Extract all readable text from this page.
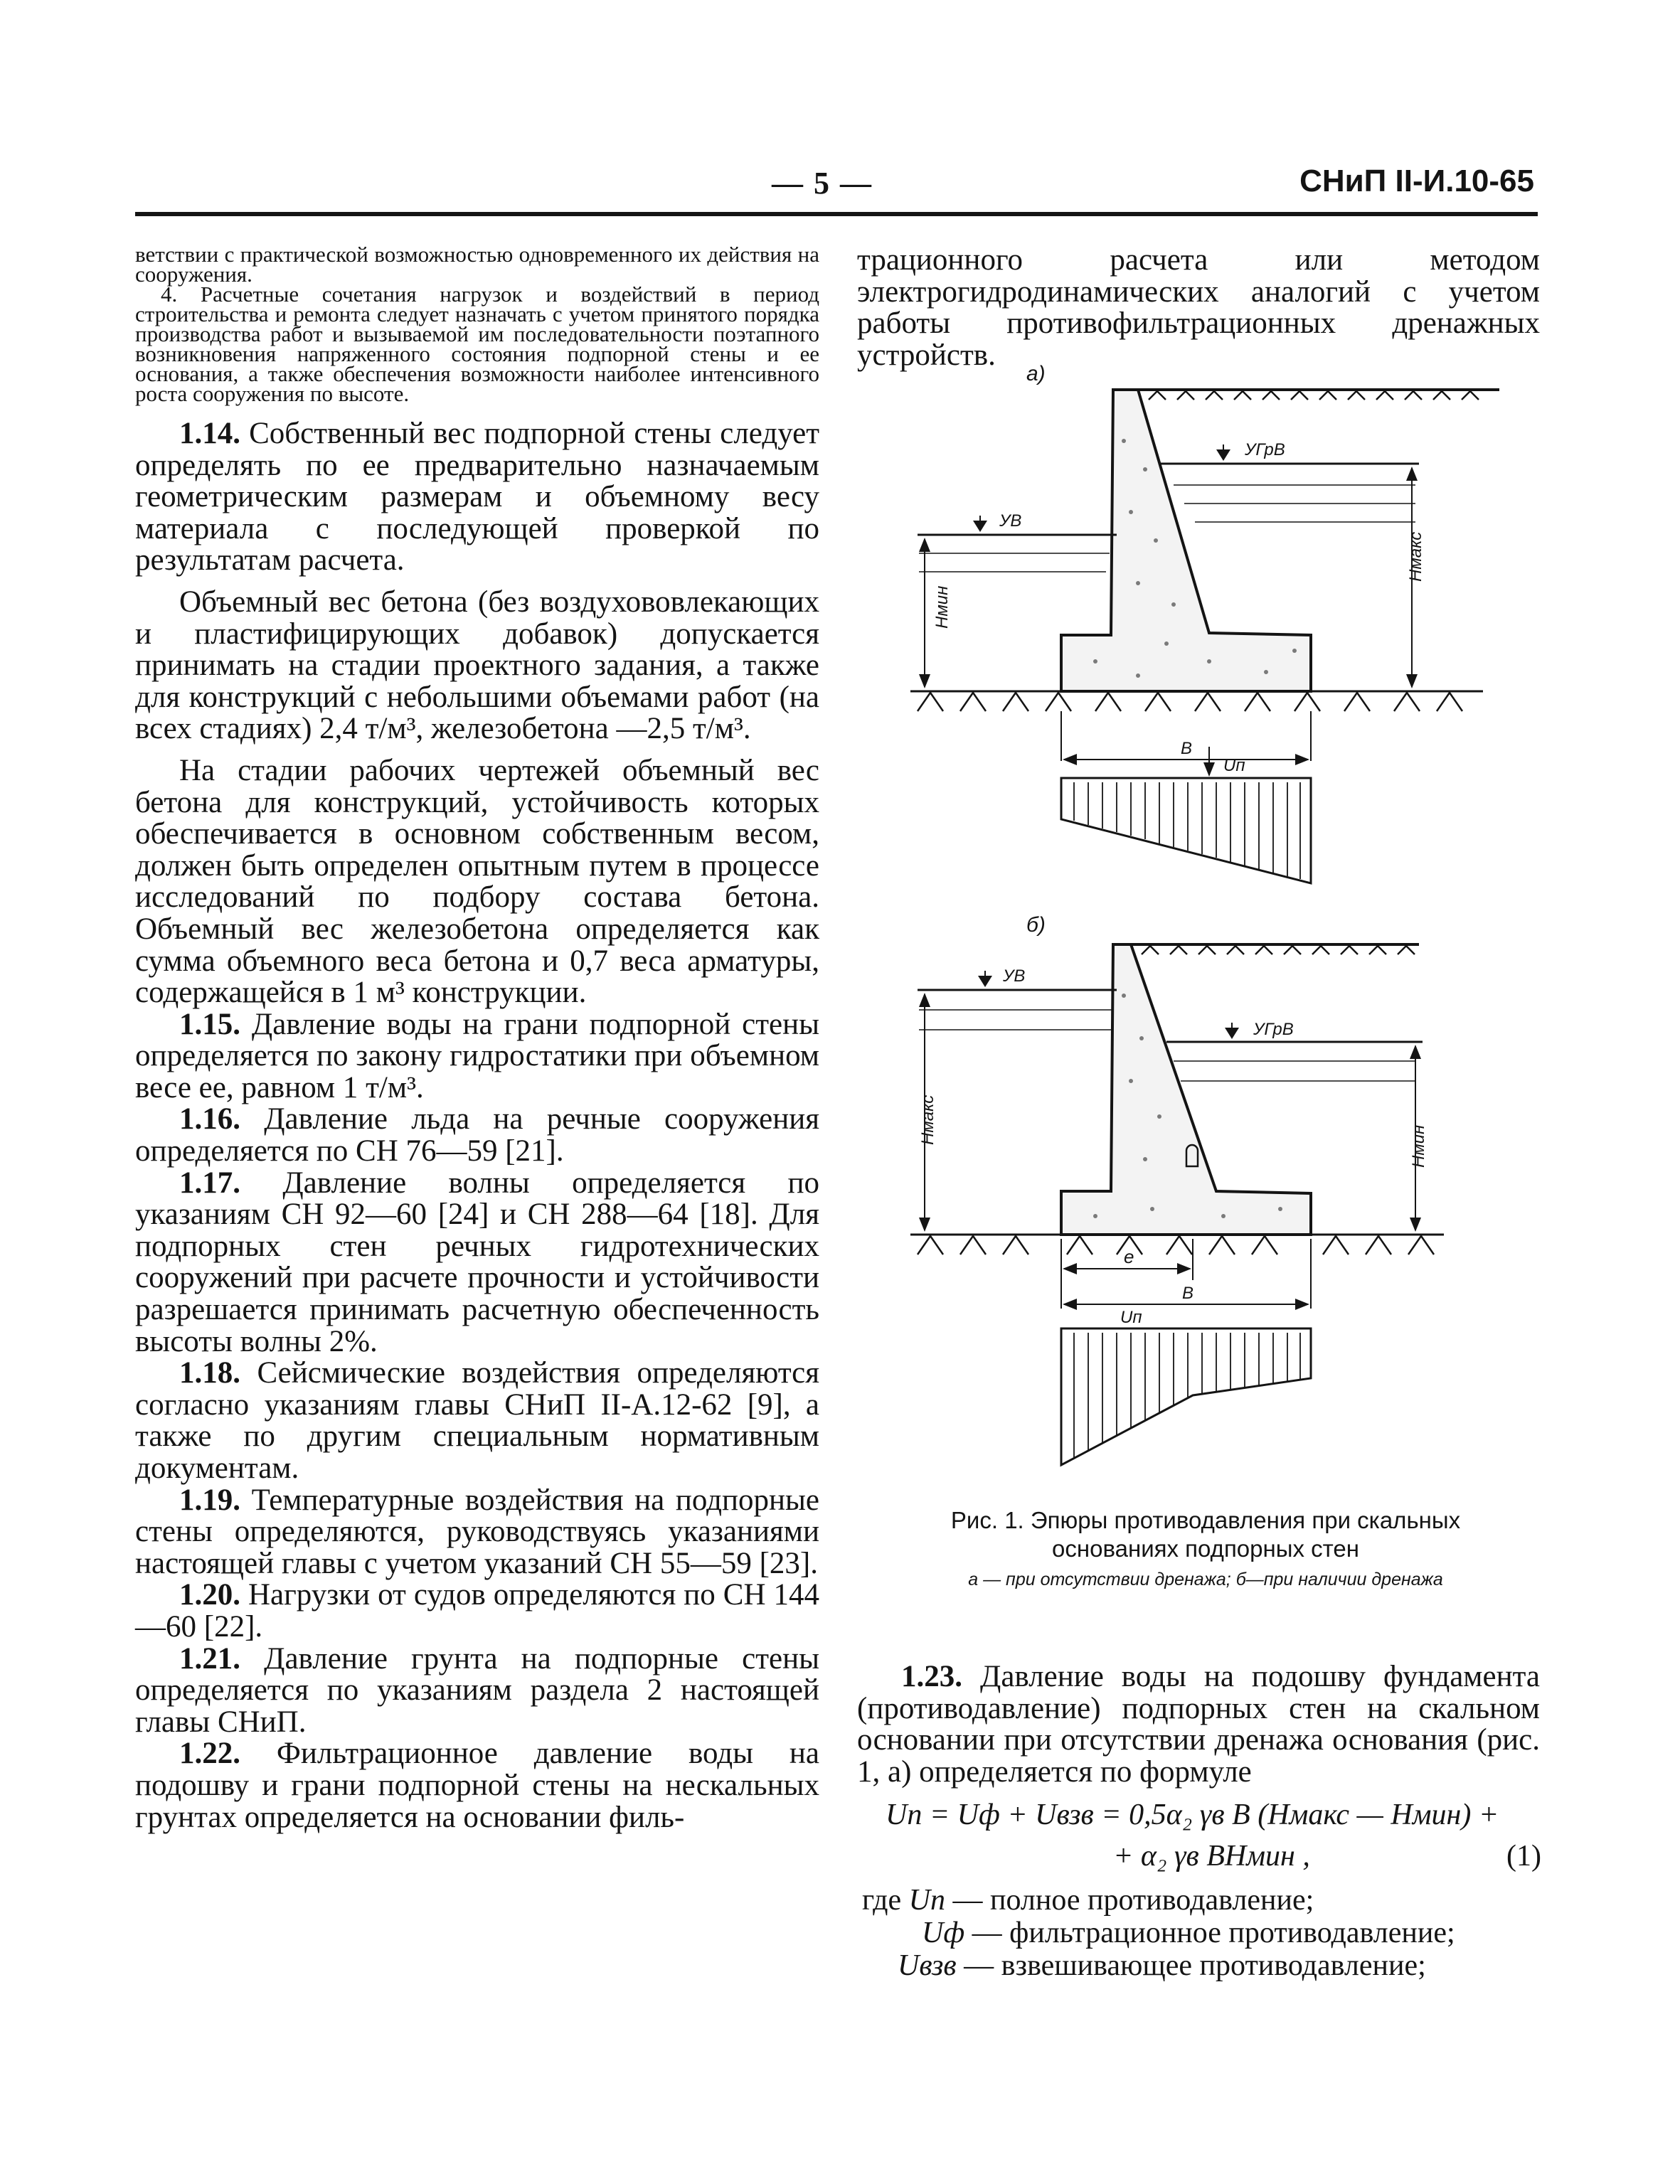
— 5 —	СНиП II-И.10-65

ветствии с практической возможностью одновременного их действия на сооружения.

4. Расчетные сочетания нагрузок и воздействий в период строительства и ремонта следует назначать с учетом принятого порядка производства работ и вызываемой им последовательности поэтапного возникновения напряженного состояния подпорной стены и ее основания, а также обеспечения возможности наиболее интенсивного роста сооружения по высоте.

1.14. Собственный вес подпорной стены следует определять по ее предварительно назначаемым геометрическим размерам и объемному весу материала с последующей проверкой по результатам расчета.

Объемный вес бетона (без воздухововлекающих и пластифицирующих добавок) допускается принимать на стадии проектного задания, а также для конструкций с небольшими объемами работ (на всех стадиях) 2,4 т/м³, железобетона —2,5 т/м³.

На стадии рабочих чертежей объемный вес бетона для конструкций, устойчивость которых обеспечивается в основном собственным весом, должен быть определен опытным путем в процессе исследований по подбору состава бетона. Объемный вес железобетона определяется как сумма объемного веса бетона и 0,7 веса арматуры, содержащейся в 1 м³ конструкции.

1.15. Давление воды на грани подпорной стены определяется по закону гидростатики при объемном весе ее, равном 1 т/м³.

1.16. Давление льда на речные сооружения определяется по СН 76—59 [21].

1.17. Давление волны определяется по указаниям СН 92—60 [24] и СН 288—64 [18]. Для подпорных стен речных гидротехнических сооружений при расчете прочности и устойчивости разрешается принимать расчетную обеспеченность высоты волны 2%.

1.18. Сейсмические воздействия определяются согласно указаниям главы СНиП II-А.12-62 [9], а также по другим специальным нормативным документам.

1.19. Температурные воздействия на подпорные стены определяются, руководствуясь указаниями настоящей главы с учетом указаний СН 55—59 [23].

1.20. Нагрузки от судов определяются по СН 144—60 [22].

1.21. Давление грунта на подпорные стены определяется по указаниям раздела 2 настоящей главы СНиП.

1.22. Фильтрационное давление воды на подошву и грани подпорной стены на нескальных грунтах определяется на основании филь-

трационного расчета или методом электрогидродинамических аналогий с учетом работы противофильтрационных дренажных устройств.

а)
УГрВ
УВ
Hмин
Hмакс
B
Uп
б)
УВ
УГрВ
Hмакс
Hмин
e
B
Uп
Рис. 1. Эпюры противодавления при скальных основаниях подпорных стен
а — при отсутствии дренажа; б—при наличии дренажа

1.23. Давление воды на подошву фундамента (противодавление) подпорных стен на скальном основании при отсутствии дренажа основания (рис. 1, а) определяется по формуле

Uп = Uф + Uвзв = 0,5α₂ γв B (Hмакс — Hмин) +
+ α₂ γв BHмин ,	(1)
где Uп — полное противодавление;
Uф — фильтрационное противодавление;
Uвзв — взвешивающее противодавление;
